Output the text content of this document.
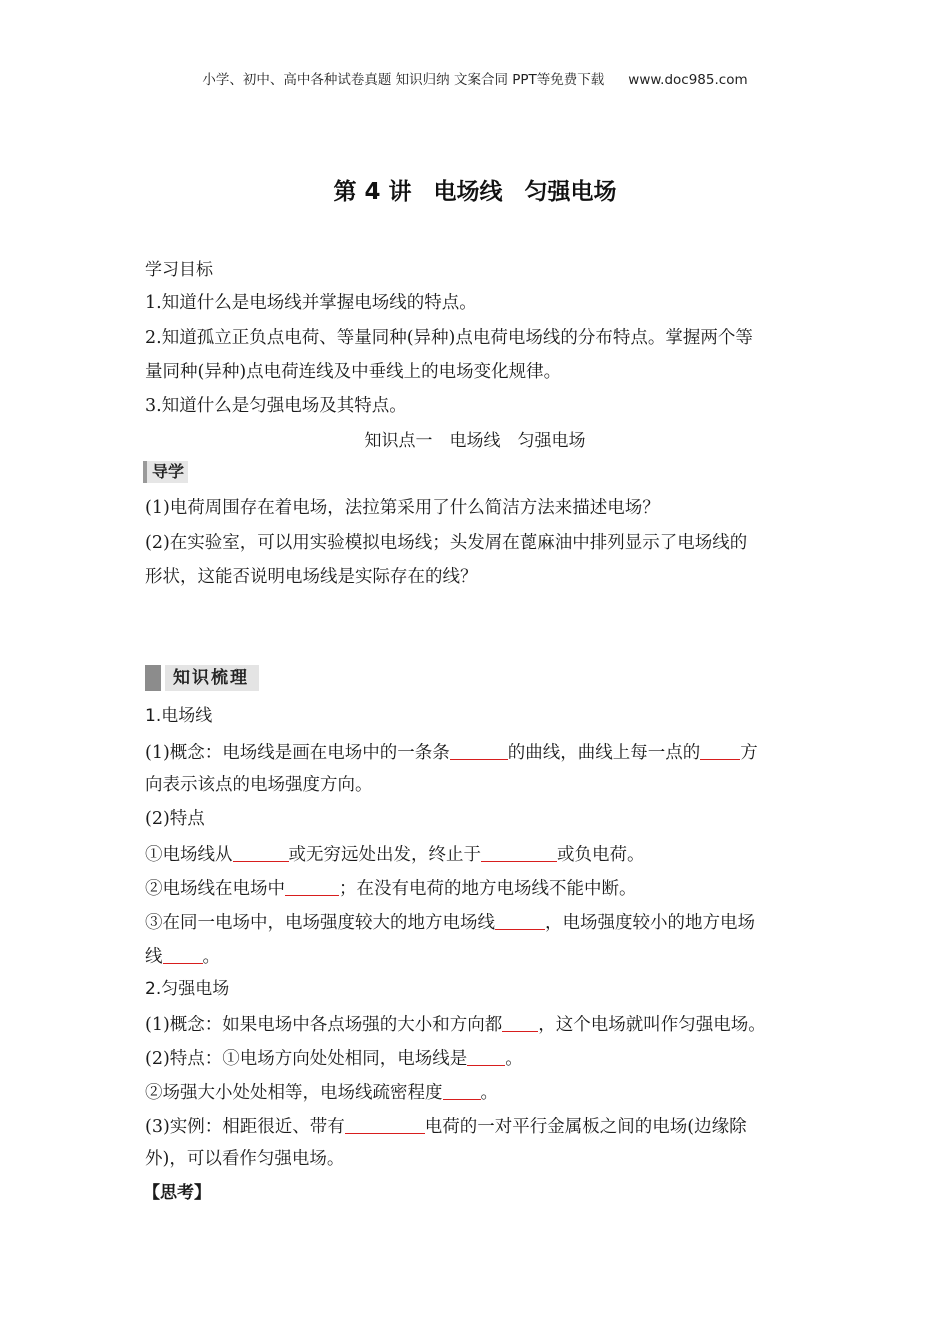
小学、初中、高中各种试卷真题 知识归纳 文案合同 PPT等免费下载 www.doc985.com
第 4 讲 电场线 匀强电场
学习目标
1.知道什么是电场线并掌握电场线的特点。
2.知道孤立正负点电荷、等量同种(异种)点电荷电场线的分布特点。掌握两个等
量同种(异种)点电荷连线及中垂线上的电场变化规律。
3.知道什么是匀强电场及其特点。
知识点一　电场线　匀强电场
导学
(1)电荷周围存在着电场，法拉第采用了什么简洁方法来描述电场？
(2)在实验室，可以用实验模拟电场线；头发屑在蓖麻油中排列显示了电场线的
形状，这能否说明电场线是实际存在的线？
知识梳理
1.电场线
(1)概念：电场线是画在电场中的一条条	的曲线，曲线上每一点的 方
向表示该点的电场强度方向。
(2)特点
①电场线从	或无穷远处出发，终止于	或负电荷。
②电场线在电场中	；在没有电荷的地方电场线不能中断。
③在同一电场中，电场强度较大的地方电场线	，电场强度较小的地方电场
线 。
2.匀强电场
(1)概念：如果电场中各点场强的大小和方向都 ，这个电场就叫作匀强电场。
(2)特点：①电场方向处处相同，电场线是 。
②场强大小处处相等，电场线疏密程度 。
(3)实例：相距很近、带有	电荷的一对平行金属板之间的电场(边缘除
外)，可以看作匀强电场。
【思考】
